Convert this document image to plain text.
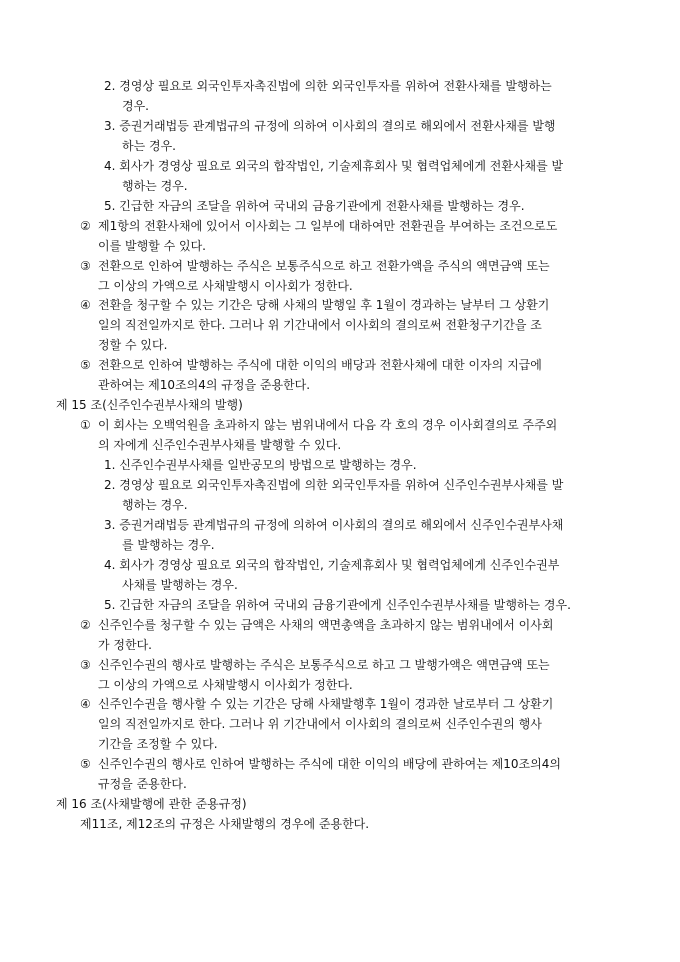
2. 경영상 필요로 외국인투자촉진법에 의한 외국인투자를 위하여 전환사채를 발행하는
경우.
3. 증권거래법등 관계법규의 규정에 의하여 이사회의 결의로 해외에서 전환사채를 발행
하는 경우.
4. 회사가 경영상 필요로 외국의 합작법인, 기술제휴회사 및 협력업체에게 전환사채를 발
행하는 경우.
5. 긴급한 자금의 조달을 위하여 국내외 금융기관에게 전환사채를 발행하는 경우.
② 제1항의 전환사채에 있어서 이사회는 그 일부에 대하여만 전환권을 부여하는 조건으로도
이를 발행할 수 있다.
③ 전환으로 인하여 발행하는 주식은 보통주식으로 하고 전환가액을 주식의 액면금액 또는
그 이상의 가액으로 사채발행시 이사회가 정한다.
④ 전환을 청구할 수 있는 기간은 당해 사채의 발행일 후 1월이 경과하는 날부터 그 상환기
일의 직전일까지로 한다. 그러나 위 기간내에서 이사회의 결의로써 전환청구기간을 조
정할 수 있다.
⑤ 전환으로 인하여 발행하는 주식에 대한 이익의 배당과 전환사채에 대한 이자의 지급에
관하여는 제10조의4의 규정을 준용한다.
제 15 조(신주인수권부사채의 발행)
① 이 회사는 오백억원을 초과하지 않는 범위내에서 다음 각 호의 경우 이사회결의로 주주외
의 자에게 신주인수권부사채를 발행할 수 있다.
1. 신주인수권부사채를 일반공모의 방법으로 발행하는 경우.
2. 경영상 필요로 외국인투자촉진법에 의한 외국인투자를 위하여 신주인수권부사채를 발
행하는 경우.
3. 증권거래법등 관계법규의 규정에 의하여 이사회의 결의로 해외에서 신주인수권부사채
를 발행하는 경우.
4. 회사가 경영상 필요로 외국의 합작법인, 기술제휴회사 및 협력업체에게 신주인수권부
사채를 발행하는 경우.
5. 긴급한 자금의 조달을 위하여 국내외 금융기관에게 신주인수권부사채를 발행하는 경우.
② 신주인수를 청구할 수 있는 금액은 사채의 액면총액을 초과하지 않는 범위내에서 이사회
가 정한다.
③ 신주인수권의 행사로 발행하는 주식은 보통주식으로 하고 그 발행가액은 액면금액 또는
그 이상의 가액으로 사채발행시 이사회가 정한다.
④ 신주인수권을 행사할 수 있는 기간은 당해 사채발행후 1월이 경과한 날로부터 그 상환기
일의 직전일까지로 한다. 그러나 위 기간내에서 이사회의 결의로써 신주인수권의 행사
기간을 조정할 수 있다.
⑤ 신주인수권의 행사로 인하여 발행하는 주식에 대한 이익의 배당에 관하여는 제10조의4의
규정을 준용한다.
제 16 조(사채발행에 관한 준용규정)
제11조, 제12조의 규정은 사채발행의 경우에 준용한다.
